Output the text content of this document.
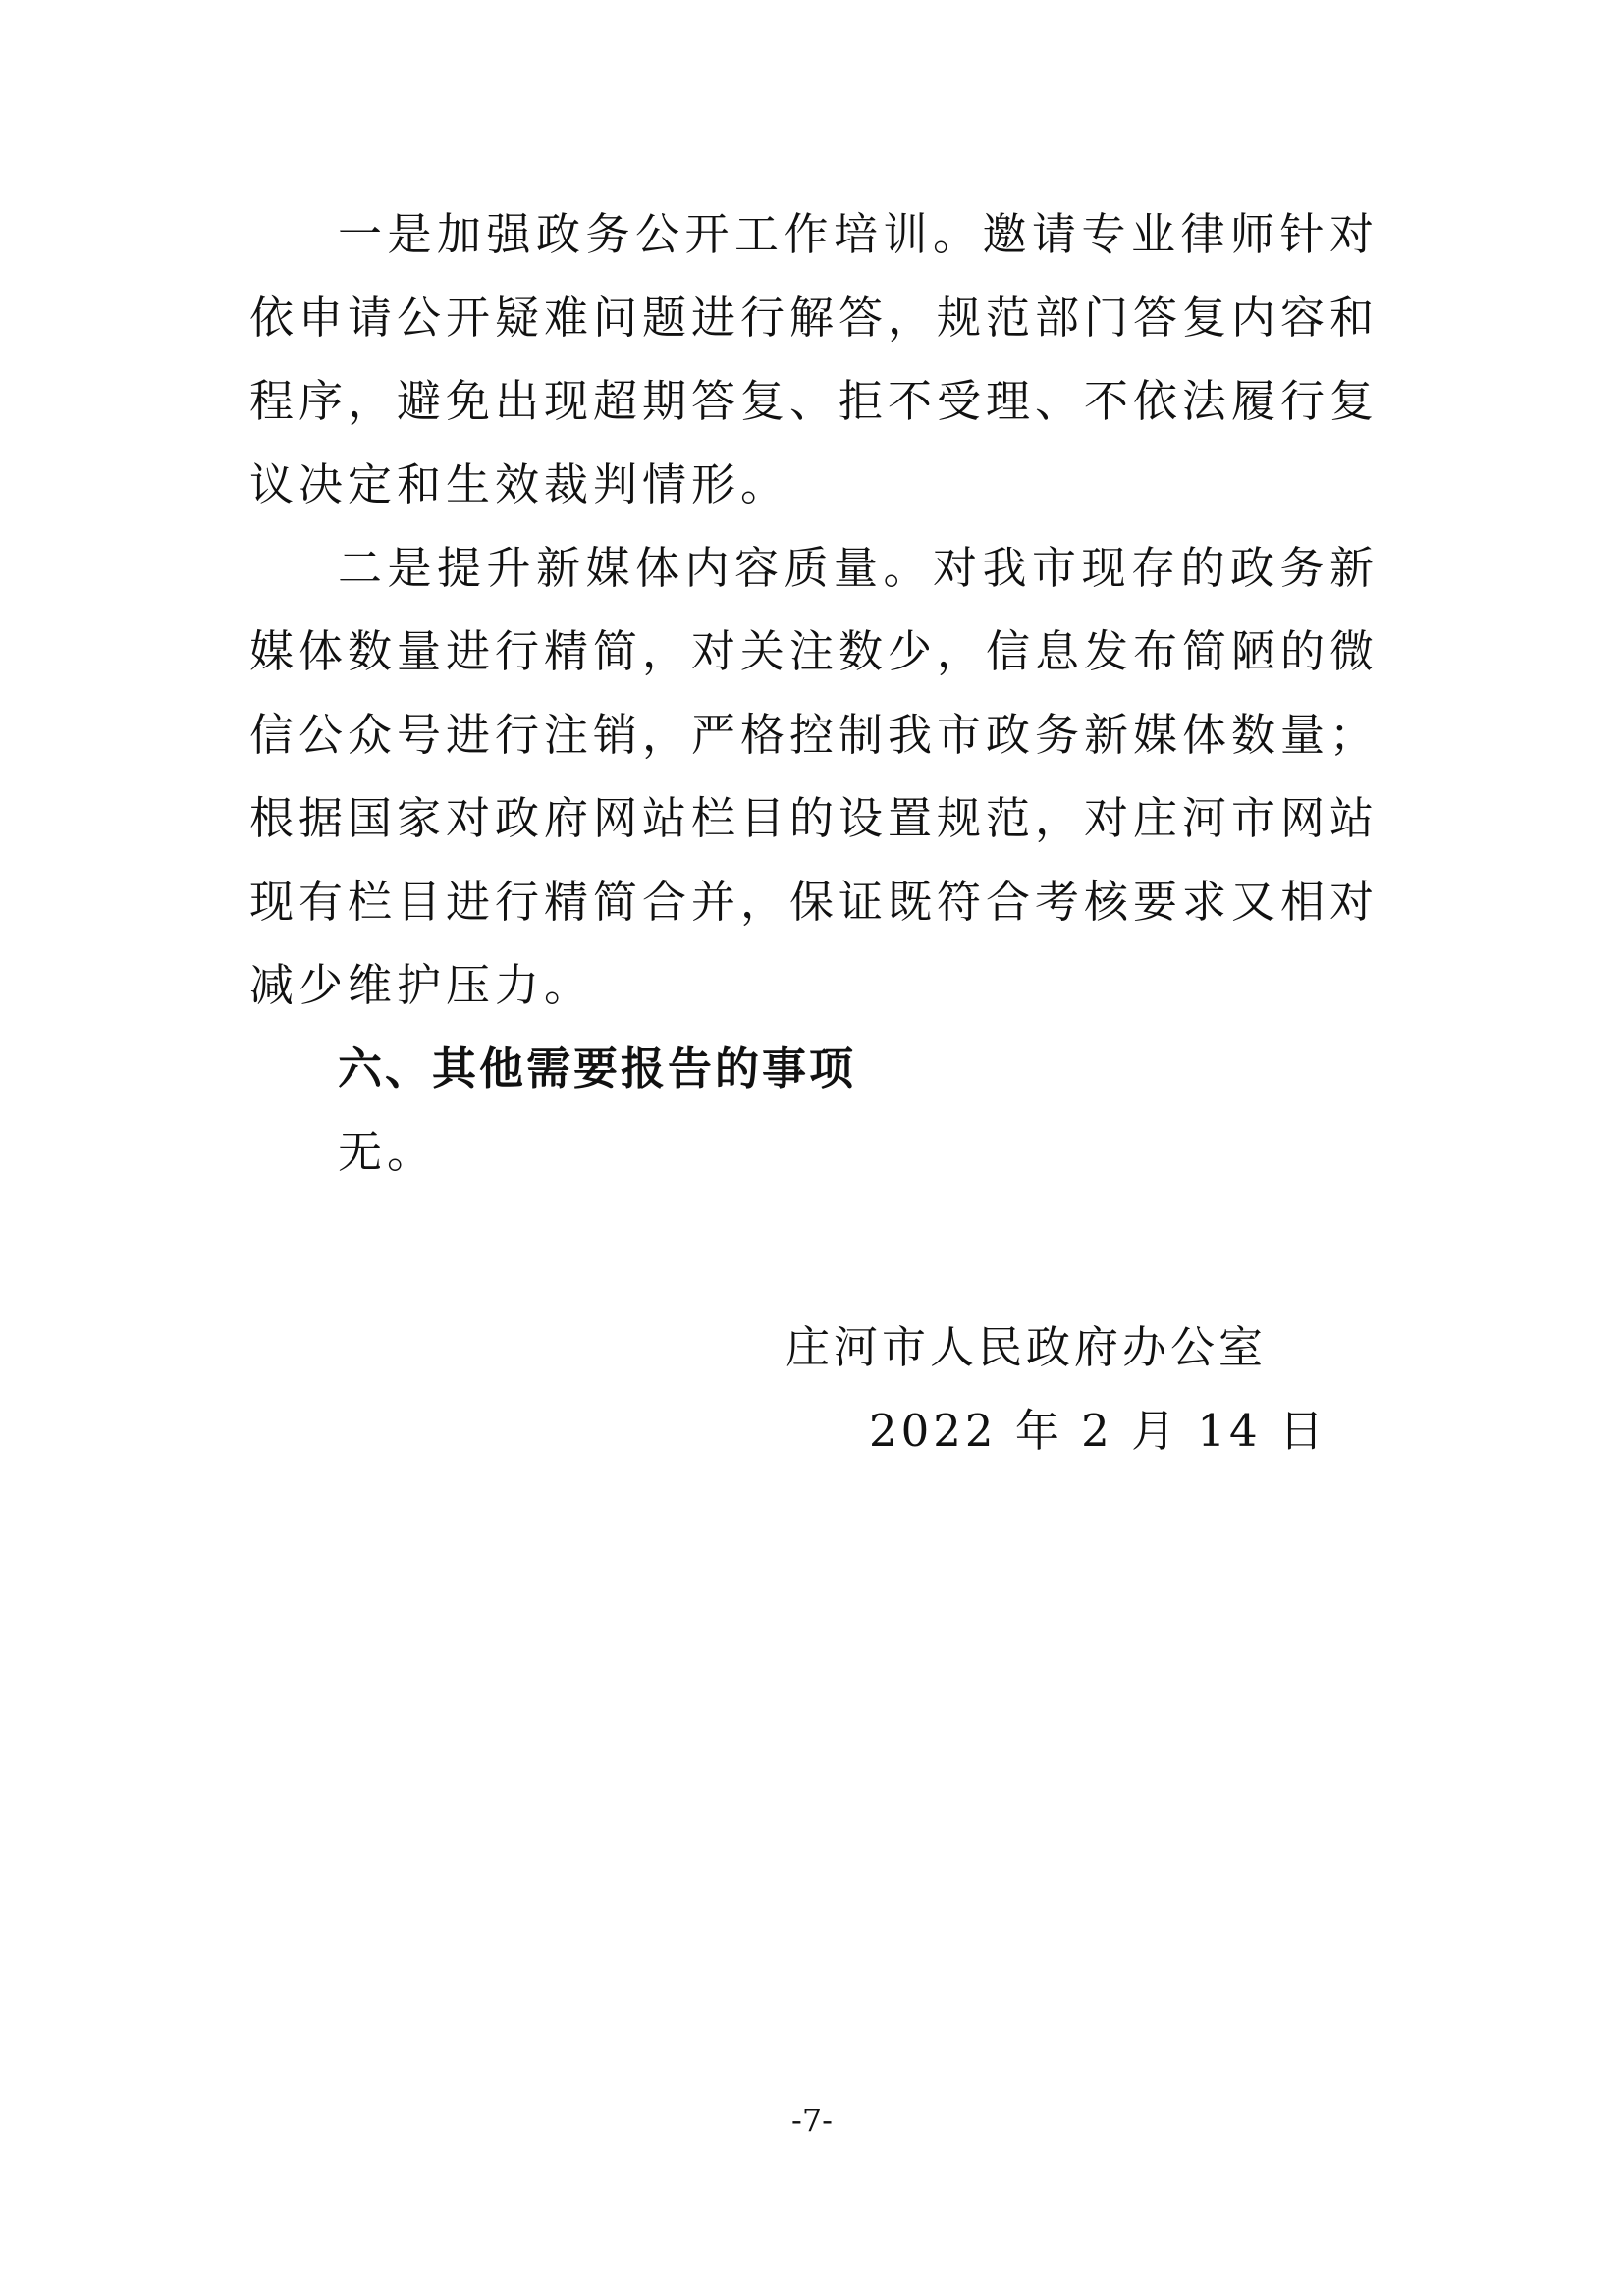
一是加强政务公开工作培训。邀请专业律师针对依申请公开疑难问题进行解答，规范部门答复内容和程序，避免出现超期答复、拒不受理、不依法履行复议决定和生效裁判情形。

二是提升新媒体内容质量。对我市现存的政务新媒体数量进行精简，对关注数少，信息发布简陋的微信公众号进行注销，严格控制我市政务新媒体数量；根据国家对政府网站栏目的设置规范，对庄河市网站现有栏目进行精简合并，保证既符合考核要求又相对减少维护压力。

六、其他需要报告的事项

无。

庄河市人民政府办公室

2022 年 2 月 14 日

-7-
